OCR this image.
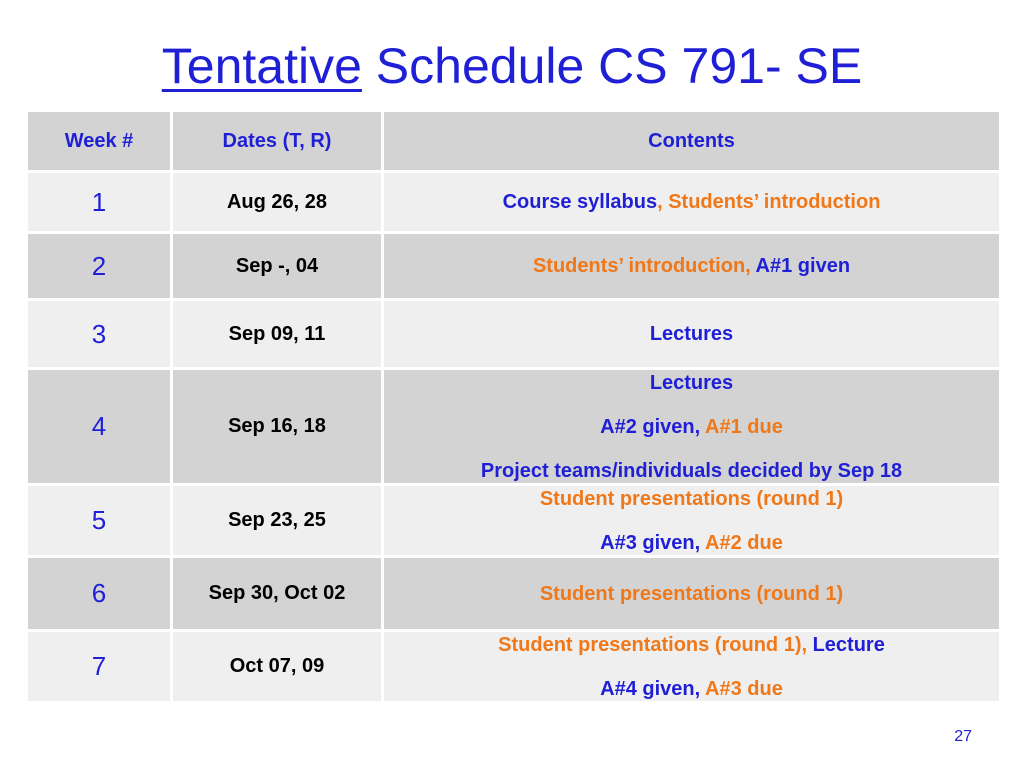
Tentative Schedule CS 791- SE
Week #	Dates (T, R)	Contents
1	Aug 26, 28	Course syllabus, Students’ introduction

2	Sep -, 04	Students’ introduction, A#1 given

3	Sep 09, 11	Lectures

4	Sep 16, 18	Lectures
A#2 given, A#1 due
Project teams/individuals decided by Sep 18

5	Sep 23, 25	Student presentations (round 1)
A#3 given, A#2 due

6	Sep 30, Oct 02	Student presentations (round 1)

7	Oct 07, 09	Student presentations (round 1), Lecture
A#4 given, A#3 due
27
